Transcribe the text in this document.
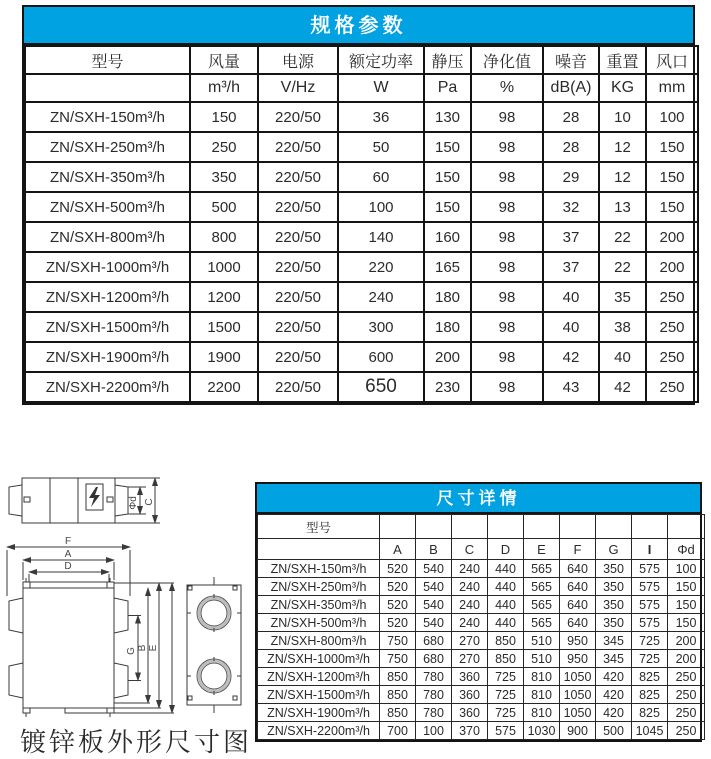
规格参数
型号	风量	电源	额定功率	静压	净化值	噪音	重置	风口
	m³/h	V/Hz	W	Pa	%	dB(A)	KG	mm
ZN/SXH-150m³/h	150	220/50	36	130	98	28	10	100
ZN/SXH-250m³/h	250	220/50	50	150	98	28	12	150
ZN/SXH-350m³/h	350	220/50	60	150	98	29	12	150
ZN/SXH-500m³/h	500	220/50	100	150	98	32	13	150
ZN/SXH-800m³/h	800	220/50	140	160	98	37	22	200
ZN/SXH-1000m³/h	1000	220/50	220	165	98	37	22	200
ZN/SXH-1200m³/h	1200	220/50	240	180	98	40	35	250
ZN/SXH-1500m³/h	1500	220/50	300	180	98	40	38	250
ZN/SXH-1900m³/h	1900	220/50	600	200	98	42	40	250
ZN/SXH-2200m³/h	2200	220/50	650	230	98	43	42	250
Φd C
F
A
D
G B E
镀锌板外形尺寸图
尺寸详情
型号									
	A	B	C	D	E	F	G	I	Φd
ZN/SXH-150m³/h	520	540	240	440	565	640	350	575	100
ZN/SXH-250m³/h	520	540	240	440	565	640	350	575	150
ZN/SXH-350m³/h	520	540	240	440	565	640	350	575	150
ZN/SXH-500m³/h	520	540	240	440	565	640	350	575	150
ZN/SXH-800m³/h	750	680	270	850	510	950	345	725	200
ZN/SXH-1000m³/h	750	680	270	850	510	950	345	725	200
ZN/SXH-1200m³/h	850	780	360	725	810	1050	420	825	250
ZN/SXH-1500m³/h	850	780	360	725	810	1050	420	825	250
ZN/SXH-1900m³/h	850	780	360	725	810	1050	420	825	250
ZN/SXH-2200m³/h	700	100	370	575	1030	900	500	1045	250
